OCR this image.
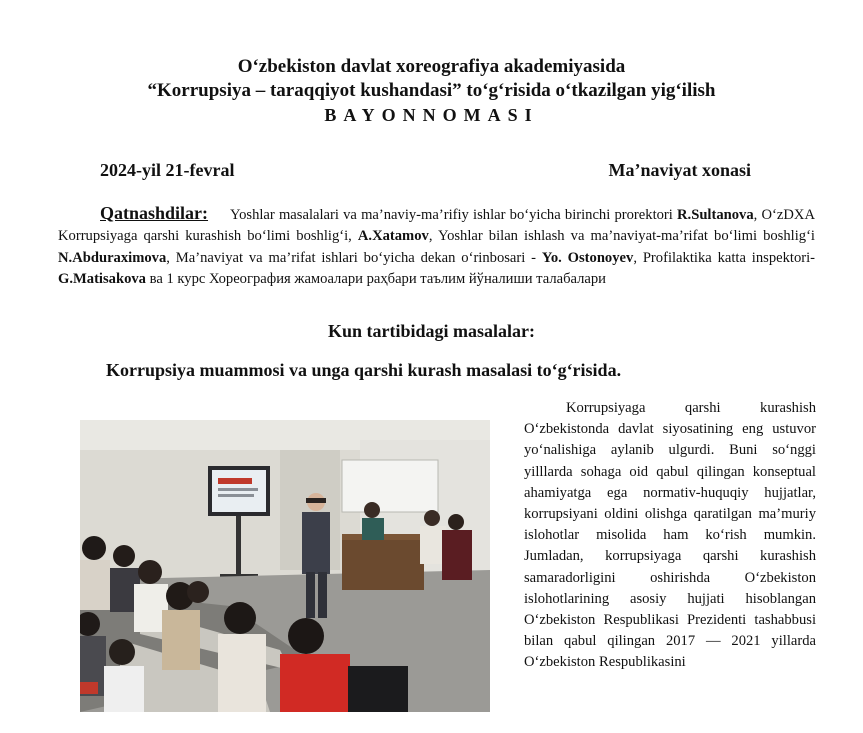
O‘zbekiston davlat xoreografiya akademiyasida
“Korrupsiya – taraqqiyot kushandasi” to‘g‘risida o‘tkazilgan yig‘ilish
BAYONNOMASI
2024-yil 21-fevral	Ma’naviyat xonasi
Qatnashdilar: Yoshlar masalalari va ma’naviy-ma’rifiy ishlar bo‘yicha birinchi prorektori R.Sultanova, O‘zDXA Korrupsiyaga qarshi kurashish bo‘limi boshlig‘i, A.Xatamov, Yoshlar bilan ishlash va ma’naviyat-ma’rifat bo‘limi boshlig‘i N.Abduraximova, Ma’naviyat va ma’rifat ishlari bo‘yicha dekan o‘rinbosari - Yo. Ostonoyev, Profilaktika katta inspektori-G.Matisakova ва 1 курс Хореография жамоалари раҳбари таълим йўналиши талабалари
Kun tartibidagi masalalar:
Korrupsiya muammosi va unga qarshi kurash masalasi to‘g‘risida.
Korrupsiyaga qarshi kurashish O‘zbekistonda davlat siyosatining eng ustuvor yo‘nalishiga aylanib ulgurdi. Buni so‘nggi yilllarda sohaga oid qabul qilingan konseptual ahamiyatga ega normativ-huquqiy hujjatlar, korrupsiyani oldini olishga qaratilgan ma’muriy islohotlar misolida ham ko‘rish mumkin. Jumladan, korrupsiyaga qarshi kurashish samaradorligini oshirishda O‘zbekiston islohotlarining asosiy hujjati hisoblangan O‘zbekiston Respublikasi Prezidenti tashabbusi bilan qabul qilingan 2017 — 2021 yillarda O‘zbekiston Respublikasini
